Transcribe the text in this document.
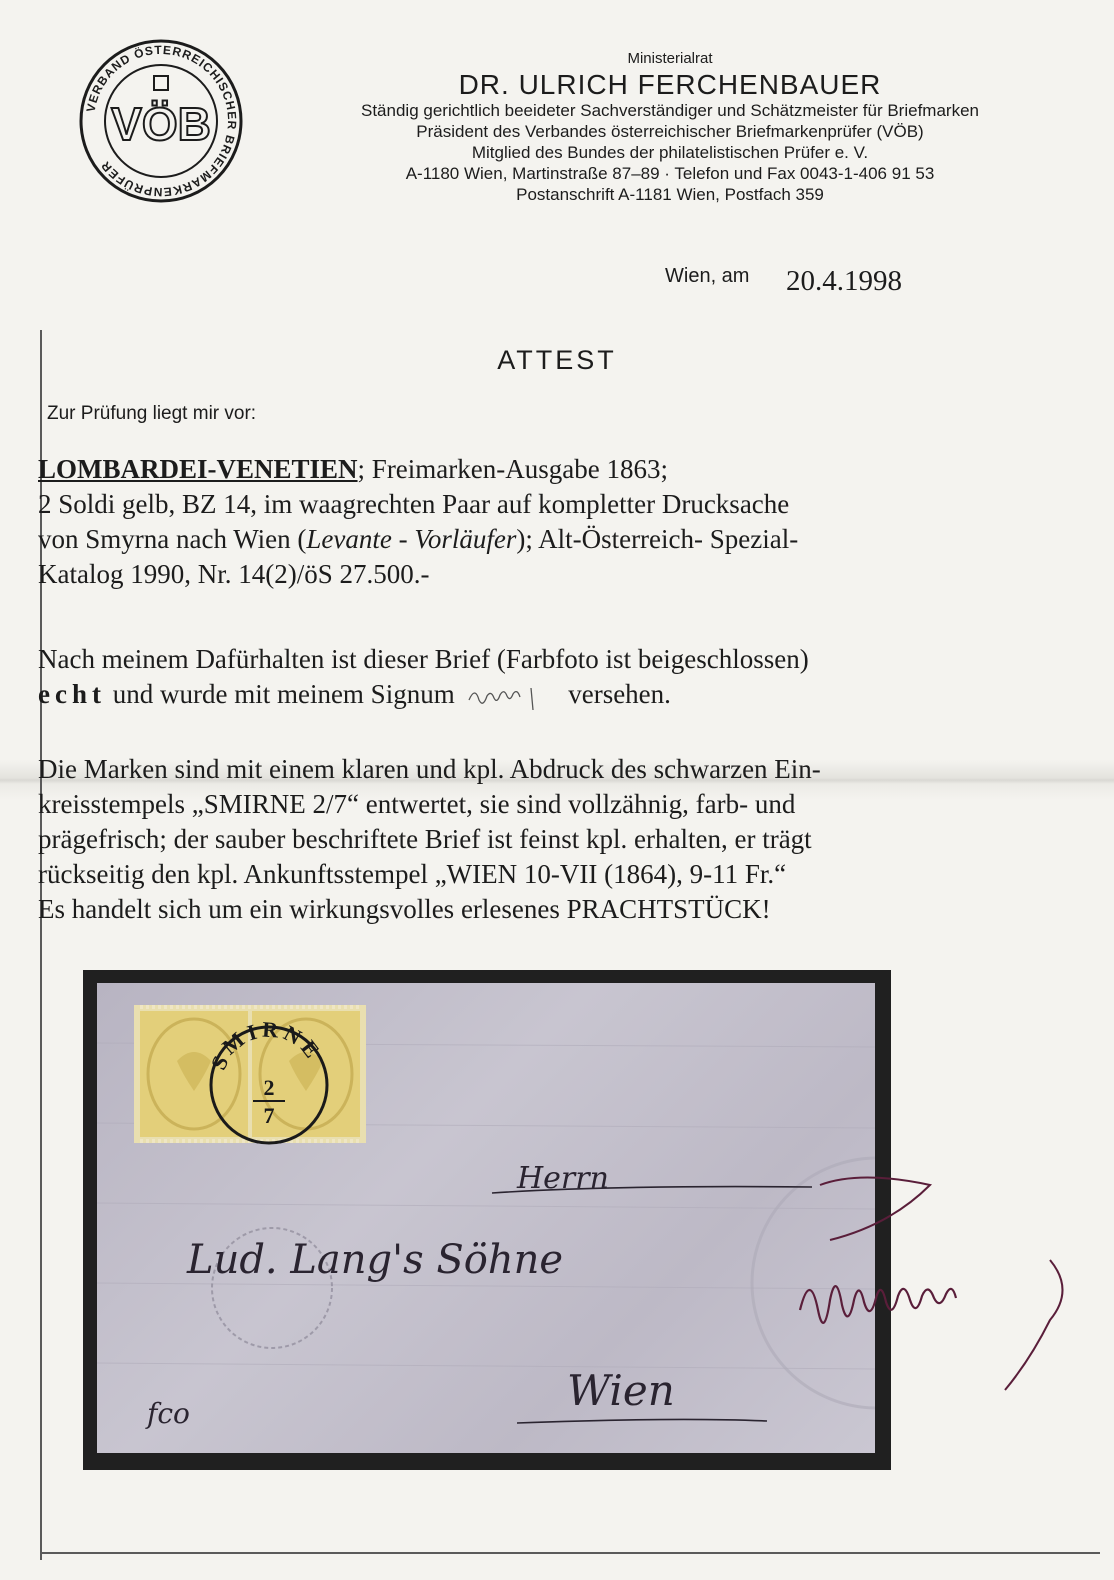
VERBAND ÖSTERREICHISCHER BRIEFMARKENPRÜFER
VÖB
Ministerialrat
DR. ULRICH FERCHENBAUER
Ständig gerichtlich beeideter Sachverständiger und Schätzmeister für Briefmarken
Präsident des Verbandes österreichischer Briefmarkenprüfer (VÖB)
Mitglied des Bundes der philatelistischen Prüfer e. V.
A-1180 Wien, Martinstraße 87–89 · Telefon und Fax 0043-1-406 91 53
Postanschrift A-1181 Wien, Postfach 359
Wien, am 20.4.1998
ATTEST
Zur Prüfung liegt mir vor:
LOMBARDEI-VENETIEN; Freimarken-Ausgabe 1863;
2 Soldi gelb, BZ 14, im waagrechten Paar auf kompletter Drucksache
von Smyrna nach Wien (Levante - Vorläufer); Alt-Österreich- Spezial-
Katalog 1990, Nr. 14(2)/öS 27.500.-
Nach meinem Dafürhalten ist dieser Brief (Farbfoto ist beigeschlossen)
echt und wurde mit meinem Signum	versehen.
Die Marken sind mit einem klaren und kpl. Abdruck des schwarzen Ein-
kreisstempels „SMIRNE 2/7“ entwertet, sie sind vollzähnig, farb- und
prägefrisch; der sauber beschriftete Brief ist feinst kpl. erhalten, er trägt
rückseitig den kpl. Ankunftsstempel „WIEN 10-VII (1864), 9-11 Fr.“
Es handelt sich um ein wirkungsvolles erlesenes PRACHTSTÜCK!
SMIRNE
2
7
Herrn
Lud. Lang's Söhne
Wien
fco
